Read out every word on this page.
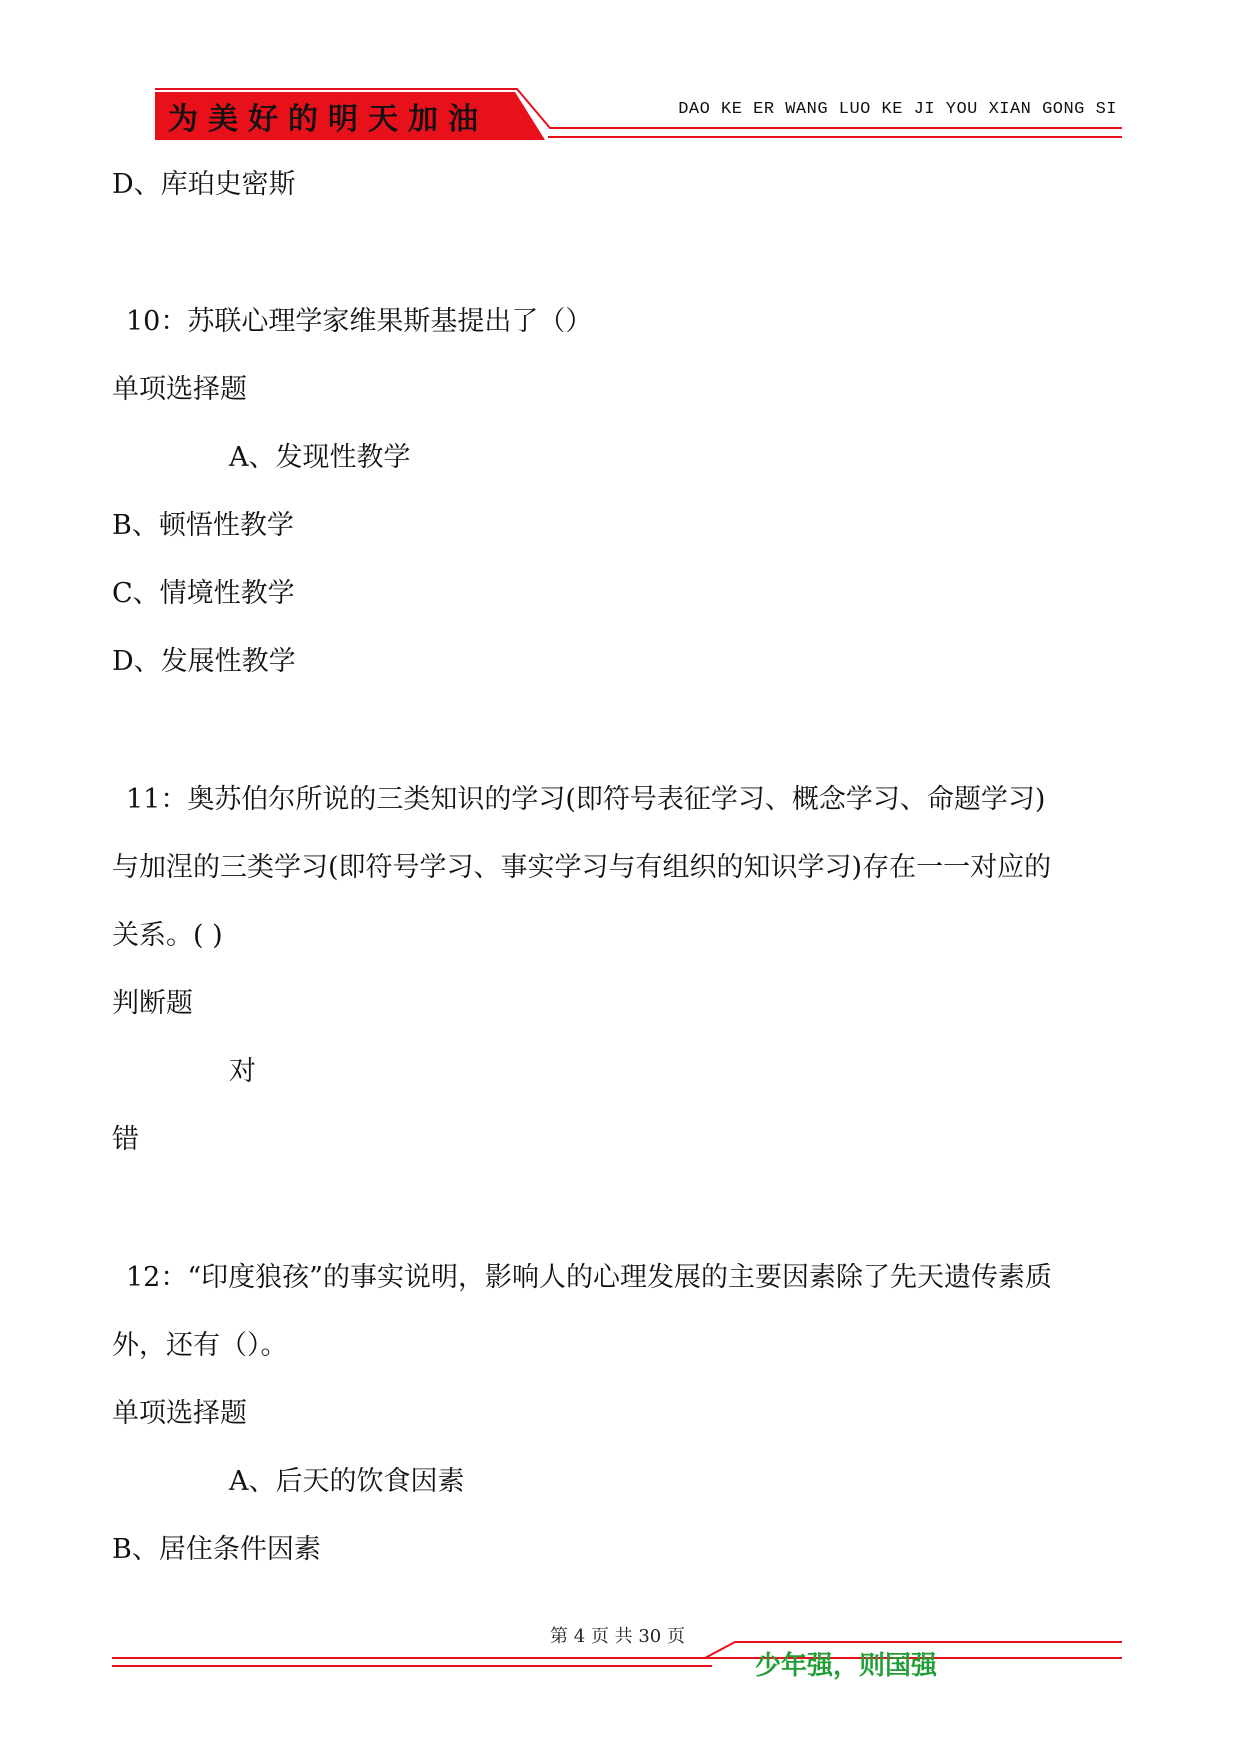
为美好的明天加油	DAO KE ER WANG LUO KE JI YOU XIAN GONG SI
D、库珀史密斯
10：苏联心理学家维果斯基提出了（）
单项选择题
A、发现性教学
B、顿悟性教学
C、情境性教学
D、发展性教学
11：奥苏伯尔所说的三类知识的学习(即符号表征学习、概念学习、命题学习)
与加涅的三类学习(即符号学习、事实学习与有组织的知识学习)存在一一对应的
关系。( )
判断题
对
错
12：“印度狼孩”的事实说明，影响人的心理发展的主要因素除了先天遗传素质
外，还有（）。
单项选择题
A、后天的饮食因素
B、居住条件因素
第 4 页 共 30 页
少年强，则国强
